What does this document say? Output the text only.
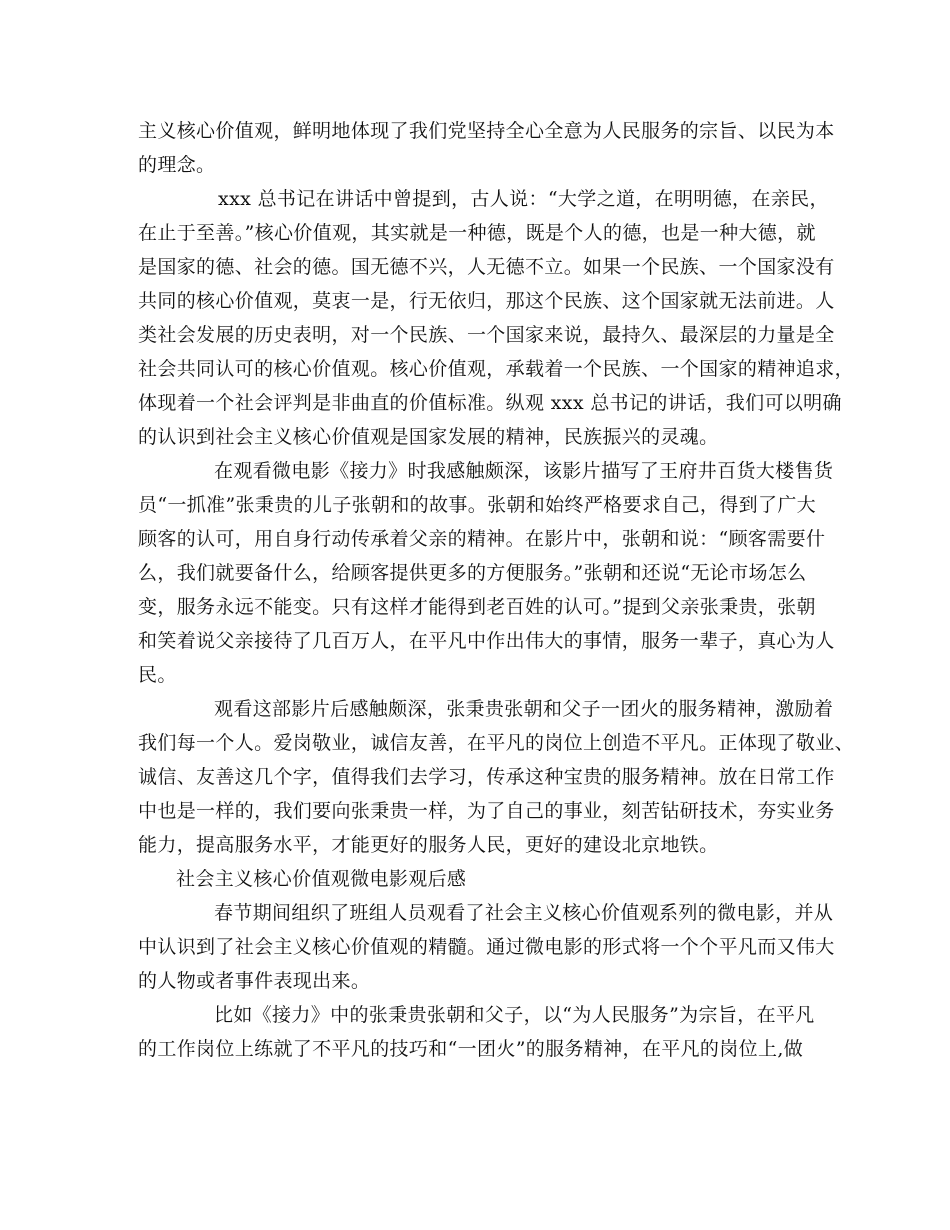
主义核心价值观，鲜明地体现了我们党坚持全心全意为人民服务的宗旨、以民为本
的理念。
xxx 总书记在讲话中曾提到，古人说：“大学之道，在明明德，在亲民，
在止于至善。”核心价值观，其实就是一种德，既是个人的德，也是一种大德，就
是国家的德、社会的德。国无德不兴，人无德不立。如果一个民族、一个国家没有
共同的核心价值观，莫衷一是，行无依归，那这个民族、这个国家就无法前进。人
类社会发展的历史表明，对一个民族、一个国家来说，最持久、最深层的力量是全
社会共同认可的核心价值观。核心价值观，承载着一个民族、一个国家的精神追求，
体现着一个社会评判是非曲直的价值标准。纵观 xxx 总书记的讲话，我们可以明确
的认识到社会主义核心价值观是国家发展的精神，民族振兴的灵魂。
在观看微电影《接力》时我感触颇深，该影片描写了王府井百货大楼售货
员“一抓准”张秉贵的儿子张朝和的故事。张朝和始终严格要求自己，得到了广大
顾客的认可，用自身行动传承着父亲的精神。在影片中，张朝和说：“顾客需要什
么，我们就要备什么，给顾客提供更多的方便服务。”张朝和还说“无论市场怎么
变，服务永远不能变。只有这样才能得到老百姓的认可。”提到父亲张秉贵，张朝
和笑着说父亲接待了几百万人，在平凡中作出伟大的事情，服务一辈子，真心为人
民。
观看这部影片后感触颇深，张秉贵张朝和父子一团火的服务精神，激励着
我们每一个人。爱岗敬业，诚信友善，在平凡的岗位上创造不平凡。正体现了敬业、
诚信、友善这几个字，值得我们去学习，传承这种宝贵的服务精神。放在日常工作
中也是一样的，我们要向张秉贵一样，为了自己的事业，刻苦钻研技术，夯实业务
能力，提高服务水平，才能更好的服务人民，更好的建设北京地铁。
社会主义核心价值观微电影观后感
春节期间组织了班组人员观看了社会主义核心价值观系列的微电影，并从
中认识到了社会主义核心价值观的精髓。通过微电影的形式将一个个平凡而又伟大
的人物或者事件表现出来。
比如《接力》中的张秉贵张朝和父子，以“为人民服务”为宗旨，在平凡
的工作岗位上练就了不平凡的技巧和“一团火”的服务精神，在平凡的岗位上,做
